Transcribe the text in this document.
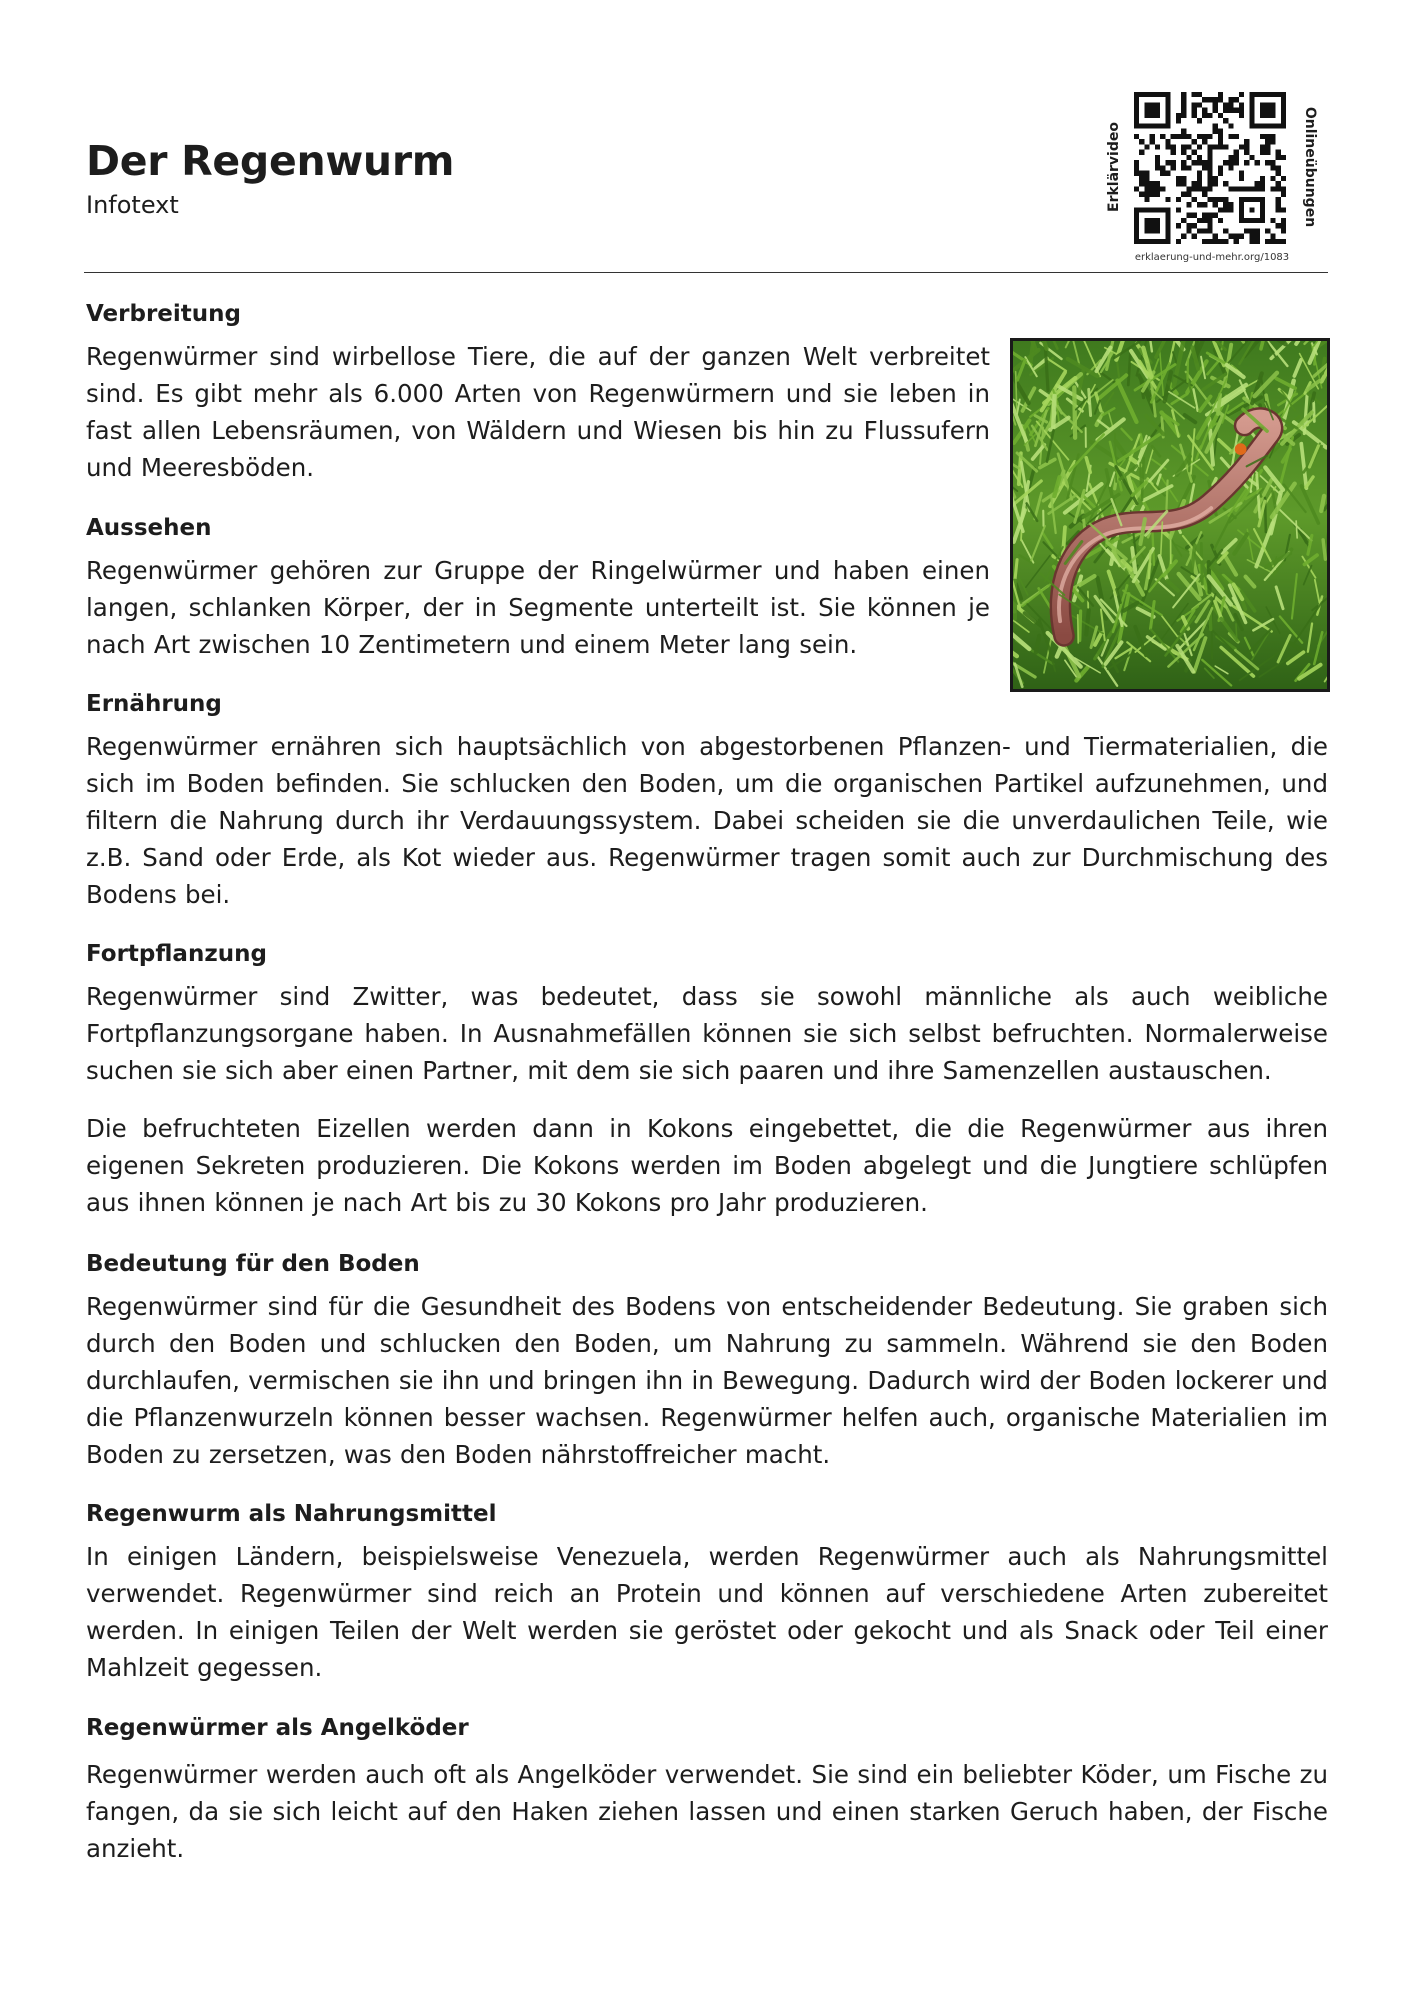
Der Regenwurm
Infotext	Erklärvideo	Onlineübungen
erklaerung-und-mehr.org/1083
Verbreitung

Regenwürmer sind wirbellose Tiere, die auf der ganzen Welt verbreitet sind. Es gibt mehr als 6.000 Arten von Regenwürmern und sie leben in fast allen Lebensräumen, von Wäldern und Wiesen bis hin zu Flussufern und Meeresböden.

Aussehen

Regenwürmer gehören zur Gruppe der Ringelwürmer und haben einen langen, schlanken Körper, der in Segmente unterteilt ist. Sie können je nach Art zwischen 10 Zentimetern und einem Meter lang sein.

Ernährung

Regenwürmer ernähren sich hauptsächlich von abgestorbenen Pflanzen- und Tiermaterialien, die sich im Boden befinden. Sie schlucken den Boden, um die organischen Partikel aufzunehmen, und filtern die Nahrung durch ihr Verdauungssystem. Dabei scheiden sie die unverdaulichen Teile, wie z.B. Sand oder Erde, als Kot wieder aus. Regenwürmer tragen somit auch zur Durchmischung des Bodens bei.

Fortpflanzung

Regenwürmer sind Zwitter, was bedeutet, dass sie sowohl männliche als auch weibliche Fortpflanzungsorgane haben. In Ausnahmefällen können sie sich selbst befruchten. Normalerweise suchen sie sich aber einen Partner, mit dem sie sich paaren und ihre Samenzellen austauschen.

Die befruchteten Eizellen werden dann in Kokons eingebettet, die die Regenwürmer aus ihren eigenen Sekreten produzieren. Die Kokons werden im Boden abgelegt und die Jungtiere schlüpfen aus ihnen können je nach Art bis zu 30 Kokons pro Jahr produzieren.

Bedeutung für den Boden

Regenwürmer sind für die Gesundheit des Bodens von entscheidender Bedeutung. Sie graben sich durch den Boden und schlucken den Boden, um Nahrung zu sammeln. Während sie den Boden durchlaufen, vermischen sie ihn und bringen ihn in Bewegung. Dadurch wird der Boden lockerer und die Pflanzenwurzeln können besser wachsen. Regenwürmer helfen auch, organische Materialien im Boden zu zersetzen, was den Boden nährstoffreicher macht.

Regenwurm als Nahrungsmittel

In einigen Ländern, beispielsweise Venezuela, werden Regenwürmer auch als Nahrungsmittel verwendet. Regenwürmer sind reich an Protein und können auf verschiedene Arten zubereitet werden. In einigen Teilen der Welt werden sie geröstet oder gekocht und als Snack oder Teil einer Mahlzeit gegessen.

Regenwürmer als Angelköder

Regenwürmer werden auch oft als Angelköder verwendet. Sie sind ein beliebter Köder, um Fische zu fangen, da sie sich leicht auf den Haken ziehen lassen und einen starken Geruch haben, der Fische anzieht.
